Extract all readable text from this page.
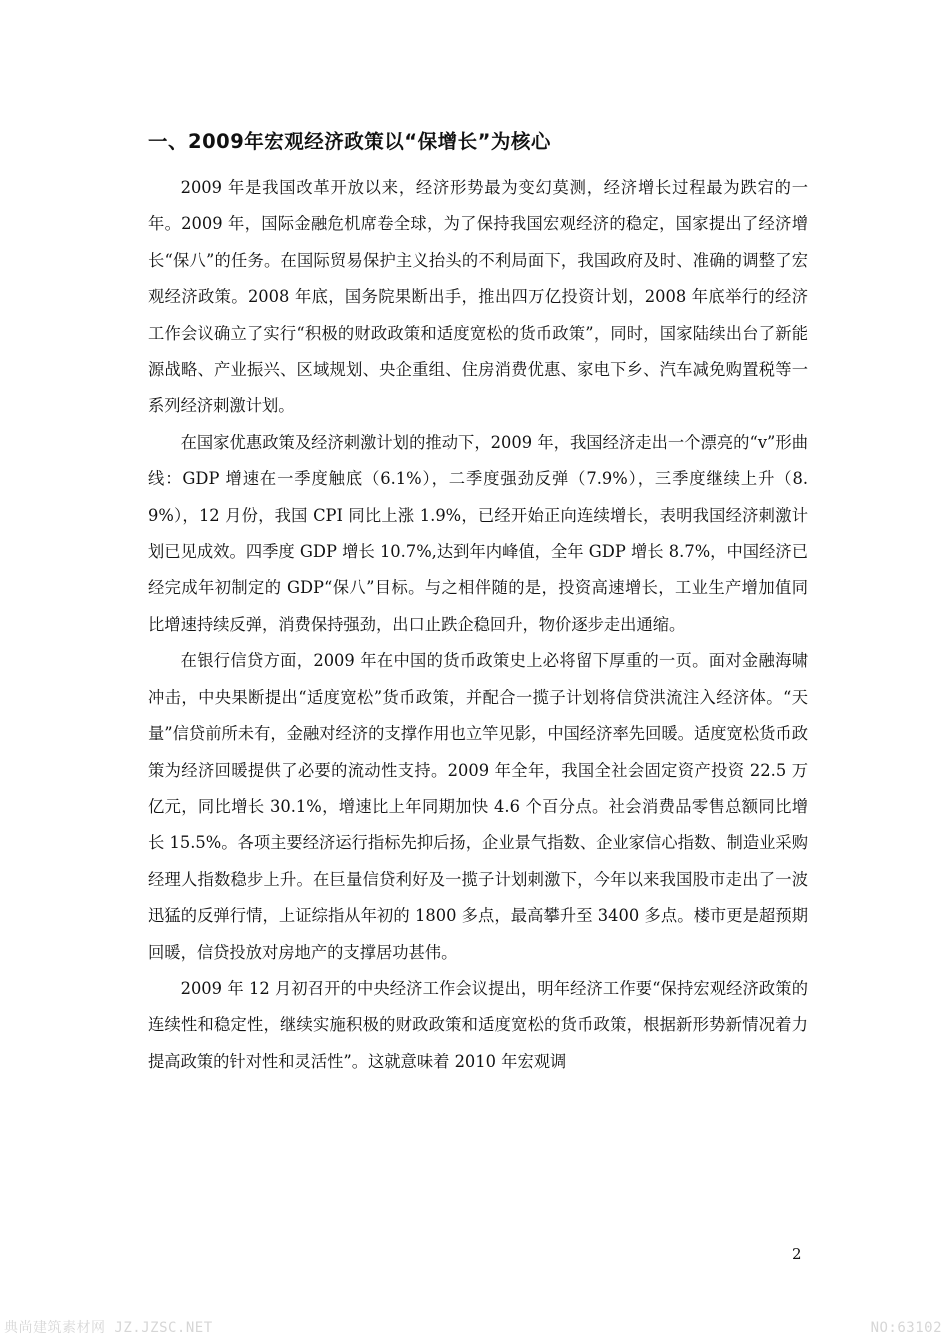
一、2009年宏观经济政策以“保增长”为核心

2009 年是我国改革开放以来，经济形势最为变幻莫测，经济增长过程最为跌宕的一年。2009 年，国际金融危机席卷全球，为了保持我国宏观经济的稳定，国家提出了经济增长“保八”的任务。在国际贸易保护主义抬头的不利局面下，我国政府及时、准确的调整了宏观经济政策。2008 年底，国务院果断出手，推出四万亿投资计划，2008 年底举行的经济工作会议确立了实行“积极的财政政策和适度宽松的货币政策”，同时，国家陆续出台了新能源战略、产业振兴、区域规划、央企重组、住房消费优惠、家电下乡、汽车减免购置税等一系列经济刺激计划。

在国家优惠政策及经济刺激计划的推动下，2009 年，我国经济走出一个漂亮的“v”形曲线：GDP 增速在一季度触底（6.1%），二季度强劲反弹（7.9%），三季度继续上升（8.9%），12 月份，我国 CPI 同比上涨 1.9%，已经开始正向连续增长，表明我国经济刺激计划已见成效。四季度 GDP 增长 10.7%,达到年内峰值，全年 GDP 增长 8.7%，中国经济已经完成年初制定的 GDP“保八”目标。与之相伴随的是，投资高速增长，工业生产增加值同比增速持续反弹，消费保持强劲，出口止跌企稳回升，物价逐步走出通缩。

在银行信贷方面，2009 年在中国的货币政策史上必将留下厚重的一页。面对金融海啸冲击，中央果断提出“适度宽松”货币政策，并配合一揽子计划将信贷洪流注入经济体。“天量”信贷前所未有，金融对经济的支撑作用也立竿见影，中国经济率先回暖。适度宽松货币政策为经济回暖提供了必要的流动性支持。2009 年全年，我国全社会固定资产投资 22.5 万亿元，同比增长 30.1%，增速比上年同期加快 4.6 个百分点。社会消费品零售总额同比增长 15.5%。各项主要经济运行指标先抑后扬，企业景气指数、企业家信心指数、制造业采购经理人指数稳步上升。在巨量信贷利好及一揽子计划刺激下，今年以来我国股市走出了一波迅猛的反弹行情，上证综指从年初的 1800 多点，最高攀升至 3400 多点。楼市更是超预期回暖，信贷投放对房地产的支撑居功甚伟。

2009 年 12 月初召开的中央经济工作会议提出，明年经济工作要“保持宏观经济政策的连续性和稳定性，继续实施积极的财政政策和适度宽松的货币政策，根据新形势新情况着力提高政策的针对性和灵活性”。这就意味着 2010 年宏观调

2
典尚建筑素材网 JZ.JZSC.NET	NO:63102
